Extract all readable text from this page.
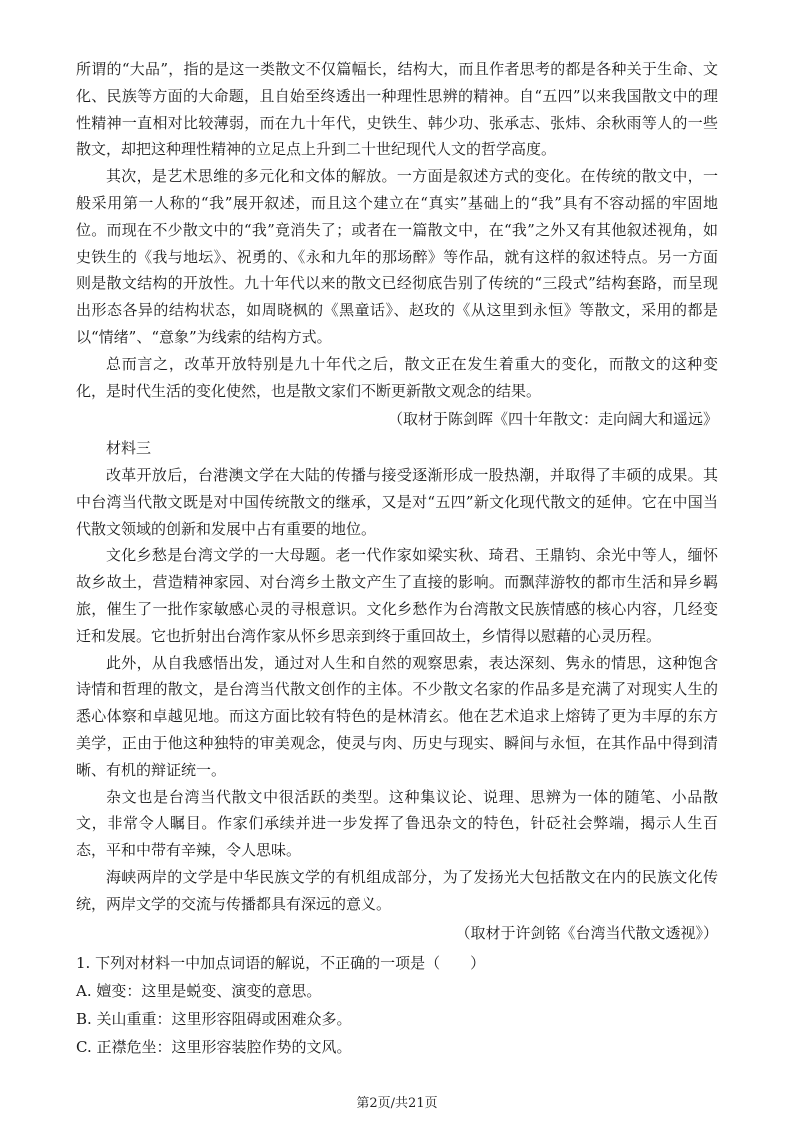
所谓的“大品”，指的是这一类散文不仅篇幅长，结构大，而且作者思考的都是各种关于生命、文化、民族等方面的大命题，且自始至终透出一种理性思辨的精神。自“五四”以来我国散文中的理性精神一直相对比较薄弱，而在九十年代，史铁生、韩少功、张承志、张炜、余秋雨等人的一些散文，却把这种理性精神的立足点上升到二十世纪现代人文的哲学高度。

其次，是艺术思维的多元化和文体的解放。一方面是叙述方式的变化。在传统的散文中，一般采用第一人称的“我”展开叙述，而且这个建立在“真实”基础上的“我”具有不容动摇的牢固地位。而现在不少散文中的“我”竟消失了；或者在一篇散文中，在“我”之外又有其他叙述视角，如史铁生的《我与地坛》、祝勇的、《永和九年的那场醉》等作品，就有这样的叙述特点。另一方面则是散文结构的开放性。九十年代以来的散文已经彻底告别了传统的“三段式”结构套路，而呈现出形态各异的结构状态，如周晓枫的《黑童话》、赵玫的《从这里到永恒》等散文，采用的都是以“情绪”、“意象”为线索的结构方式。

总而言之，改革开放特别是九十年代之后，散文正在发生着重大的变化，而散文的这种变化，是时代生活的变化使然，也是散文家们不断更新散文观念的结果。

（取材于陈剑晖《四十年散文：走向阔大和遥远》

材料三

改革开放后，台港澳文学在大陆的传播与接受逐渐形成一股热潮，并取得了丰硕的成果。其中台湾当代散文既是对中国传统散文的继承，又是对“五四”新文化现代散文的延伸。它在中国当代散文领域的创新和发展中占有重要的地位。

文化乡愁是台湾文学的一大母题。老一代作家如梁实秋、琦君、王鼎钧、余光中等人，缅怀故乡故土，营造精神家园、对台湾乡土散文产生了直接的影响。而飘萍游牧的都市生活和异乡羁旅，催生了一批作家敏感心灵的寻根意识。文化乡愁作为台湾散文民族情感的核心内容，几经变迁和发展。它也折射出台湾作家从怀乡思亲到终于重回故土，乡情得以慰藉的心灵历程。

此外，从自我感悟出发，通过对人生和自然的观察思索，表达深刻、隽永的情思，这种饱含诗情和哲理的散文，是台湾当代散文创作的主体。不少散文名家的作品多是充满了对现实人生的悉心体察和卓越见地。而这方面比较有特色的是林清玄。他在艺术追求上熔铸了更为丰厚的东方美学，正由于他这种独特的审美观念，使灵与肉、历史与现实、瞬间与永恒，在其作品中得到清晰、有机的辩证统一。

杂文也是台湾当代散文中很活跃的类型。这种集议论、说理、思辨为一体的随笔、小品散文，非常令人瞩目。作家们承续并进一步发挥了鲁迅杂文的特色，针砭社会弊端，揭示人生百态，平和中带有辛辣，令人思味。

海峡两岸的文学是中华民族文学的有机组成部分，为了发扬光大包括散文在内的民族文化传统，两岸文学的交流与传播都具有深远的意义。

（取材于许剑铭《台湾当代散文透视》）

1. 下列对材料一中加点词语的解说，不正确的一项是（　　）

A. 嬗变：这里是蜕变、演变的意思。

B. 关山重重：这里形容阻碍或困难众多。

C. 正襟危坐：这里形容装腔作势的文风。

第2页/共21页
